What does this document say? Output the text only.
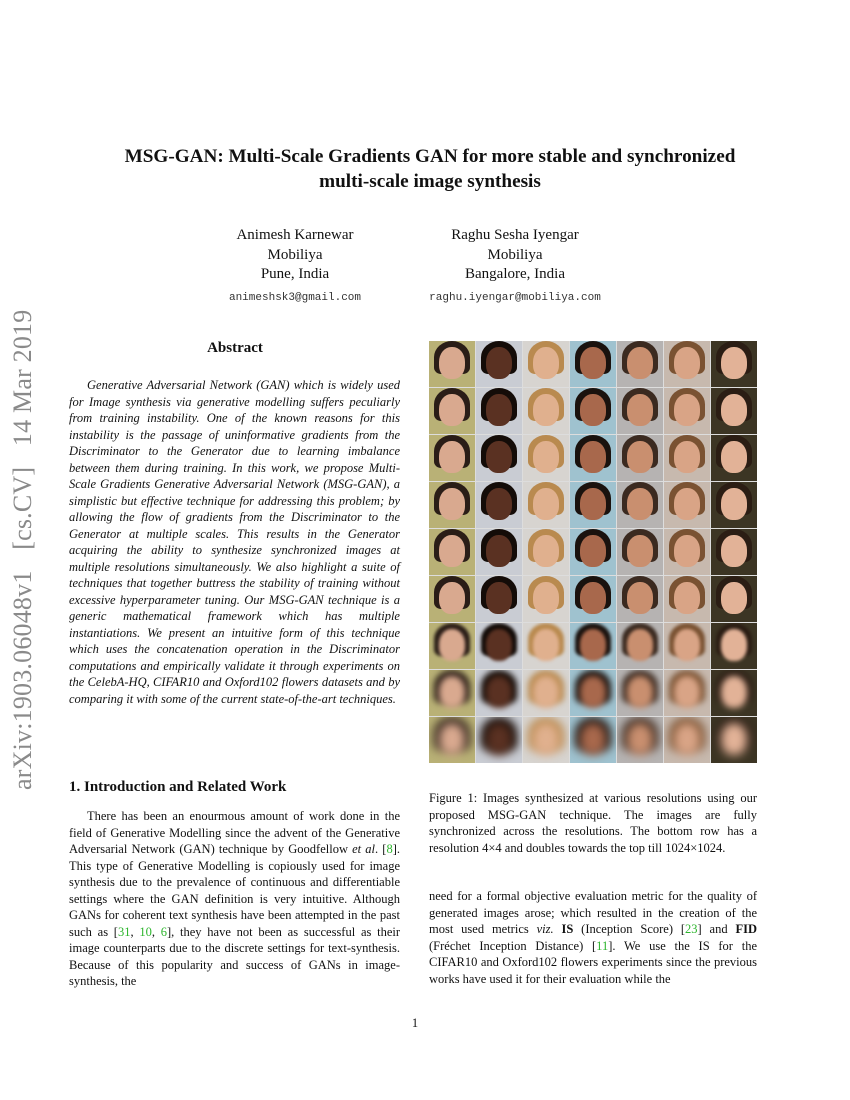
MSG-GAN: Multi-Scale Gradients GAN for more stable and synchronized
multi-scale image synthesis
Animesh Karnewar
Mobiliya
Pune, India
animeshsk3@gmail.com
Raghu Sesha Iyengar
Mobiliya
Bangalore, India
raghu.iyengar@mobiliya.com
arXiv:1903.06048v1 [cs.CV] 14 Mar 2019	Abstract

Generative Adversarial Network (GAN) which is widely used for Image synthesis via generative modelling suffers peculiarly from training instability. One of the known reasons for this instability is the passage of uninformative gradients from the Discriminator to the Generator due to learning imbalance between them during training. In this work, we propose Multi-Scale Gradients Generative Adversarial Network (MSG-GAN), a simplistic but effective technique for addressing this problem; by allowing the flow of gradients from the Discriminator to the Generator at multiple scales. This results in the Generator acquiring the ability to synthesize synchronized images at multiple resolutions simultaneously. We also highlight a suite of techniques that together buttress the stability of training without excessive hyperparameter tuning. Our MSG-GAN technique is a generic mathematical framework which has multiple instantiations. We present an intuitive form of this technique which uses the concatenation operation in the Discriminator computations and empirically validate it through experiments on the CelebA-HQ, CIFAR10 and Oxford102 flowers datasets and by comparing it with some of the current state-of-the-art techniques.

1. Introduction and Related Work

There has been an enourmous amount of work done in the field of Generative Modelling since the advent of the Generative Adversarial Network (GAN) technique by Goodfellow et al. [8]. This type of Generative Modelling is copiously used for image synthesis due to the prevalence of continuous and differentiable settings where the GAN definition is very intuitive. Although GANs for coherent text synthesis have been attempted in the past such as [31, 10, 6], they have not been as successful as their image counterparts due to the discrete settings for text-synthesis. Because of this popularity and success of GANs in image-synthesis, the

Figure 1: Images synthesized at various resolutions using our proposed MSG-GAN technique. The images are fully synchronized across the resolutions. The bottom row has a resolution 4×4 and doubles towards the top till 1024×1024.

need for a formal objective evaluation metric for the quality of generated images arose; which resulted in the creation of the most used metrics viz. IS (Inception Score) [23] and FID (Fréchet Inception Distance) [11]. We use the IS for the CIFAR10 and Oxford102 flowers experiments since the previous works have used it for their evaluation while the

1
